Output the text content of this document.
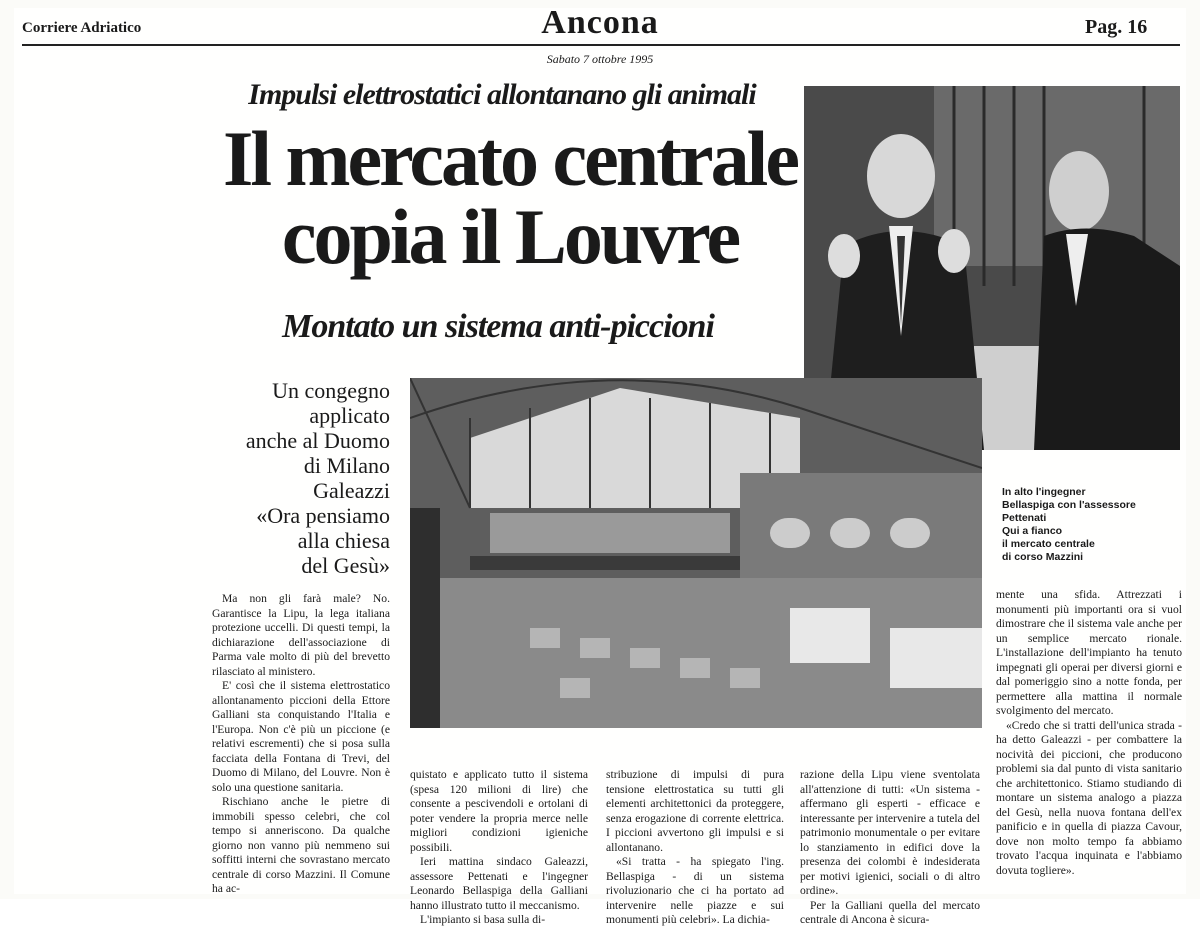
Corriere Adriatico	Ancona	Pag. 16
Sabato 7 ottobre 1995
Impulsi elettrostatici allontanano gli animali
Il mercato centrale
copia il Louvre
Montato un sistema anti-piccioni
Un congegno
applicato
anche al Duomo
di Milano
Galeazzi
«Ora pensiamo
alla chiesa
del Gesù»
In alto l'ingegner
Bellaspiga con l'assessore
Pettenati
Qui a fianco
il mercato centrale
di corso Mazzini

Ma non gli farà male? No. Garantisce la Lipu, la lega italiana protezione uccelli. Di questi tempi, la dichiarazione dell'associazione di Parma vale molto di più del brevetto rilasciato al ministero.

E' così che il sistema elettrostatico allontanamento piccioni della Ettore Galliani sta conquistando l'Italia e l'Europa. Non c'è più un piccione (e relativi escrementi) che si posa sulla facciata della Fontana di Trevi, del Duomo di Milano, del Louvre. Non è solo una questione sanitaria.

Rischiano anche le pietre di immobili spesso celebri, che col tempo si anneriscono. Da qualche giorno non vanno più nemmeno sui soffitti interni che sovrastano mercato centrale di corso Mazzini. Il Comune ha ac-

quistato e applicato tutto il sistema (spesa 120 milioni di lire) che consente a pescivendoli e ortolani di poter vendere la propria merce nelle migliori condizioni igieniche possibili.

Ieri mattina sindaco Galeazzi, assessore Pettenati e l'ingegner Leonardo Bellaspiga della Galliani hanno illustrato tutto il meccanismo.

L'impianto si basa sulla di-

stribuzione di impulsi di pura tensione elettrostatica su tutti gli elementi architettonici da proteggere, senza erogazione di corrente elettrica. I piccioni avvertono gli impulsi e si allontanano.

«Si tratta - ha spiegato l'ing. Bellaspiga - di un sistema rivoluzionario che ci ha portato ad intervenire nelle piazze e sui monumenti più celebri». La dichia-

razione della Lipu viene sventolata all'attenzione di tutti: «Un sistema - affermano gli esperti - efficace e interessante per intervenire a tutela del patrimonio monumentale o per evitare lo stanziamento in edifici dove la presenza dei colombi è indesiderata per motivi igienici, sociali o di altro ordine».

Per la Galliani quella del mercato centrale di Ancona è sicura-

mente una sfida. Attrezzati i monumenti più importanti ora si vuol dimostrare che il sistema vale anche per un semplice mercato rionale. L'installazione dell'impianto ha tenuto impegnati gli operai per diversi giorni e dal pomeriggio sino a notte fonda, per permettere alla mattina il normale svolgimento del mercato.

«Credo che si tratti dell'unica strada - ha detto Galeazzi - per combattere la nocività dei piccioni, che producono problemi sia dal punto di vista sanitario che architettonico. Stiamo studiando di montare un sistema analogo a piazza del Gesù, nella nuova fontana dell'ex panificio e in quella di piazza Cavour, dove non molto tempo fa abbiamo trovato l'acqua inquinata e l'abbiamo dovuta togliere».
